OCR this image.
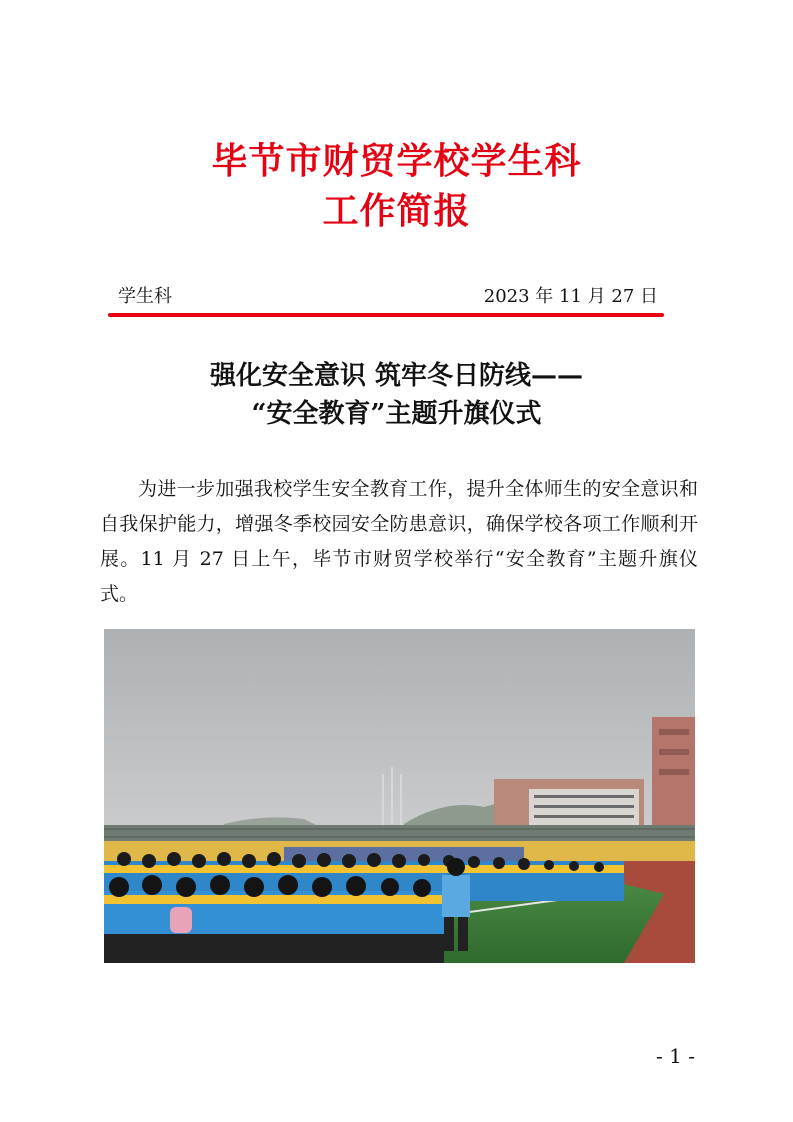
毕节市财贸学校学生科
工作简报
学生科	2023 年 11 月 27 日
强化安全意识 筑牢冬日防线——
“安全教育”主题升旗仪式

为进一步加强我校学生安全教育工作，提升全体师生的安全意识和自我保护能力，增强冬季校园安全防患意识，确保学校各项工作顺利开展。11 月 27 日上午，毕节市财贸学校举行“安全教育”主题升旗仪式。

- 1 -
